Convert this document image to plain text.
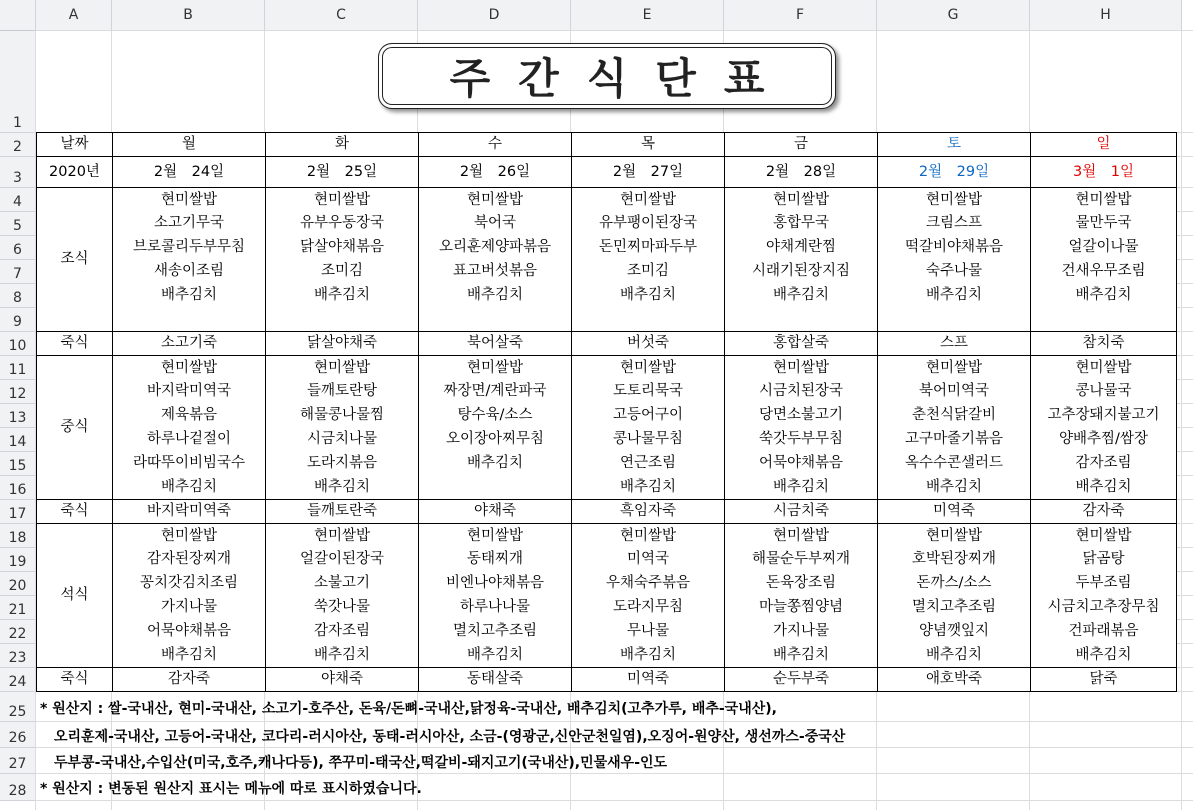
A	B	C	D	E	F	G	H
1
2
3
4
5
6
7
8
9
10
11
12
13
14
15
16
17
18
19
20
21
22
23
24
25
26
27
28
주간식단표
날짜	월	화	수	목	금	토	일
2020년	2월　24일	2월　25일	2월　26일	2월　27일	2월　28일	2월　29일	3월　1일
조식	현미쌀밥	현미쌀밥	현미쌀밥	현미쌀밥	현미쌀밥	현미쌀밥	현미쌀밥
	소고기무국	유부우동장국	북어국	유부팽이된장국	홍합무국	크림스프	물만두국
	브로콜리두부무침	닭살야채볶음	오리훈제양파볶음	돈민찌마파두부	야채계란찜	떡갈비야채볶음	얼갈이나물
	새송이조림	조미김	표고버섯볶음	조미김	시래기된장지짐	숙주나물	건새우무조림
	배추김치	배추김치	배추김치	배추김치	배추김치	배추김치	배추김치

죽식	소고기죽	닭살야채죽	북어살죽	버섯죽	홍합살죽	스프	참치죽
중식	현미쌀밥	현미쌀밥	현미쌀밥	현미쌀밥	현미쌀밥	현미쌀밥	현미쌀밥
	바지락미역국	들깨토란탕	짜장면/계란파국	도토리묵국	시금치된장국	북어미역국	콩나물국
	제육볶음	해물콩나물찜	탕수육/소스	고등어구이	당면소불고기	춘천식닭갈비	고추장돼지불고기
	하루나겉절이	시금치나물	오이장아찌무침	콩나물무침	쑥갓두부무침	고구마줄기볶음	양배추찜/쌈장
	라따뚜이비빔국수	도라지볶음	배추김치	연근조림	어묵야채볶음	옥수수콘샐러드	감자조림
	배추김치	배추김치		배추김치	배추김치	배추김치	배추김치
죽식	바지락미역죽	들깨토란죽	야채죽	흑임자죽	시금치죽	미역죽	감자죽
석식	현미쌀밥	현미쌀밥	현미쌀밥	현미쌀밥	현미쌀밥	현미쌀밥	현미쌀밥
	감자된장찌개	얼갈이된장국	동태찌개	미역국	해물순두부찌개	호박된장찌개	닭곰탕
	꽁치갓김치조림	소불고기	비엔나야채볶음	우채숙주볶음	돈육장조림	돈까스/소스	두부조림
	가지나물	쑥갓나물	하루나나물	도라지무침	마늘쫑찜양념	멸치고추조림	시금치고추장무침
	어묵야채볶음	감자조림	멸치고추조림	무나물	가지나물	양념깻잎지	건파래볶음
	배추김치	배추김치	배추김치	배추김치	배추김치	배추김치	배추김치
죽식	감자죽	야채죽	동태살죽	미역죽	순두부죽	애호박죽	닭죽
* 원산지 : 쌀-국내산, 현미-국내산, 소고기-호주산, 돈육/돈뼈-국내산,닭정육-국내산, 배추김치(고추가루, 배추-국내산),
　오리훈제-국내산, 고등어-국내산, 코다리-러시아산, 동태-러시아산, 소금-(영광군,신안군천일염),오징어-원양산, 생선까스-중국산
　두부콩-국내산,수입산(미국,호주,캐나다등), 쭈꾸미-태국산,떡갈비-돼지고기(국내산),민물새우-인도
* 원산지 : 변동된 원산지 표시는 메뉴에 따로 표시하였습니다.
